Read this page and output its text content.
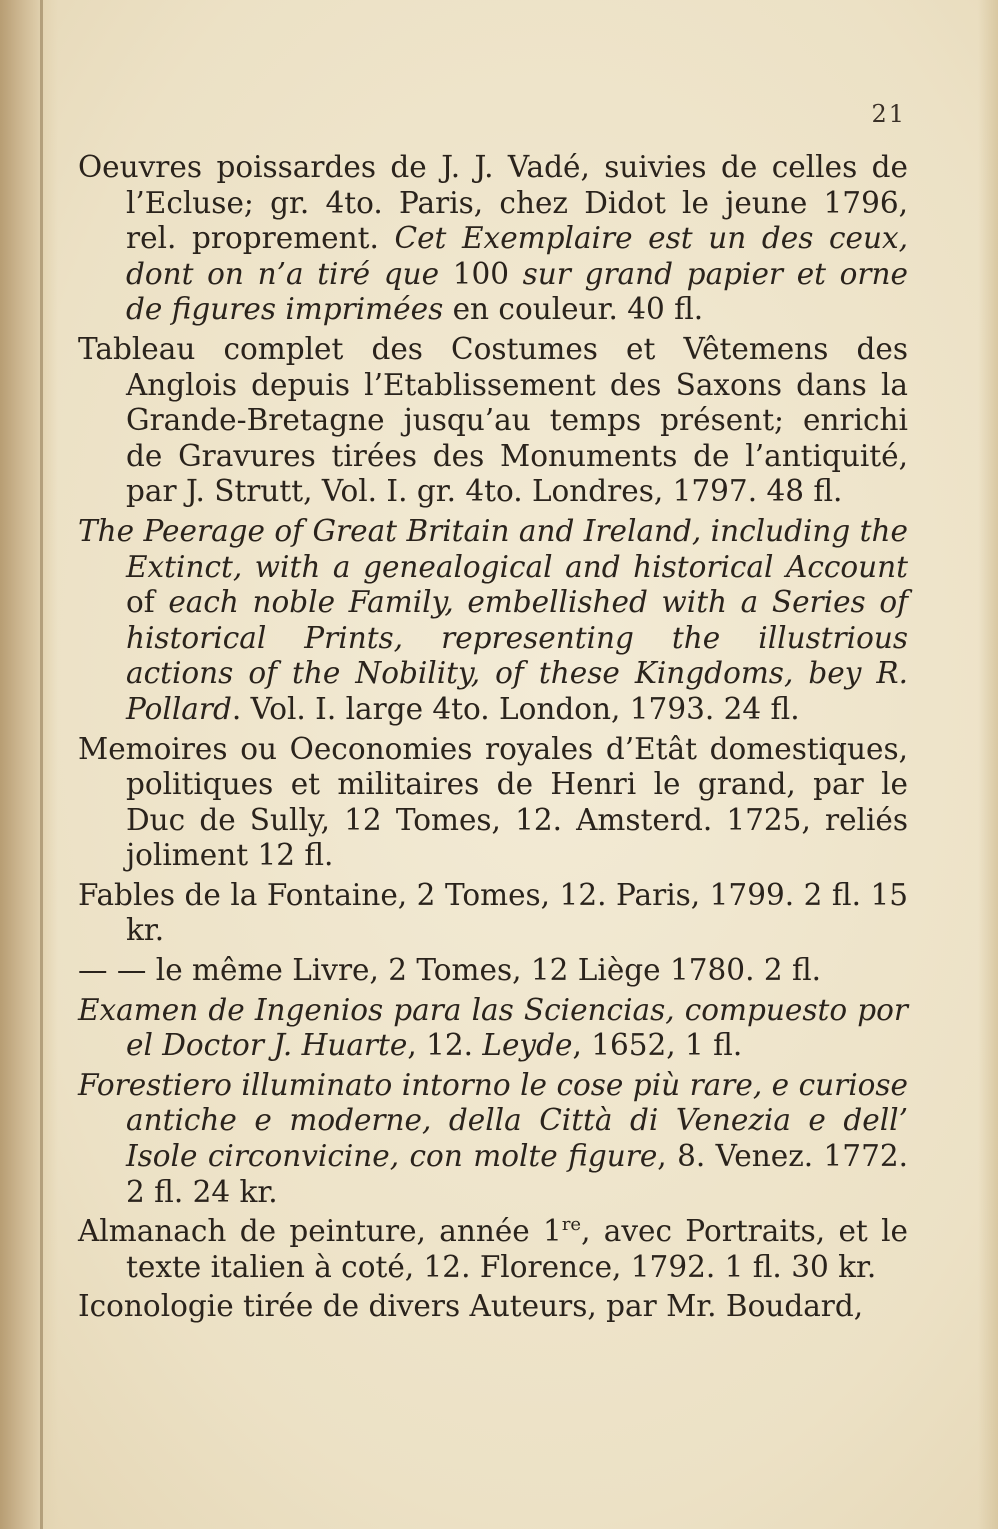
21

Oeuvres poissardes de J. J. Vadé, suivies de celles de l’Ecluse; gr. 4to. Paris, chez Didot le jeune 1796, rel. proprement. Cet Exemplaire est un des ceux, dont on n’a tiré que 100 sur grand papier et orne de figures imprimées en couleur. 40 fl.

Tableau complet des Costumes et Vêtemens des Anglois depuis l’Etablissement des Saxons dans la Grande-Bretagne jusqu’au temps présent; enrichi de Gravures tirées des Monuments de l’antiquité, par J. Strutt, Vol. I. gr. 4to. Londres, 1797. 48 fl.

The Peerage of Great Britain and Ireland, including the Extinct, with a genealogical and historical Account of each noble Family, embellished with a Series of historical Prints, representing the illustrious actions of the Nobility, of these Kingdoms, bey R. Pollard. Vol. I. large 4to. London, 1793. 24 fl.

Memoires ou Oeconomies royales d’Etât domestiques, politiques et militaires de Henri le grand, par le Duc de Sully, 12 Tomes, 12. Amsterd. 1725, reliés joliment 12 fl.

Fables de la Fontaine, 2 Tomes, 12. Paris, 1799. 2 fl. 15 kr.

— — le même Livre, 2 Tomes, 12 Liège 1780. 2 fl.

Examen de Ingenios para las Sciencias, compuesto por el Doctor J. Huarte, 12. Leyde, 1652, 1 fl.

Forestiero illuminato intorno le cose più rare, e curiose antiche e moderne, della Città di Venezia e dell’ Isole circonvicine, con molte figure, 8. Venez. 1772. 2 fl. 24 kr.

Almanach de peinture, année 1re, avec Portraits, et le texte italien à coté, 12. Florence, 1792. 1 fl. 30 kr.

Iconologie tirée de divers Auteurs, par Mr. Boudard,
